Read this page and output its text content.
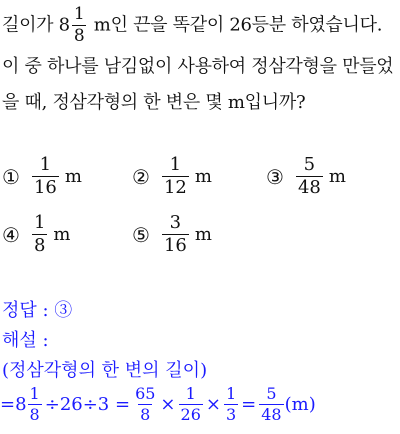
길이가 $8 \frac{1}{8}$ m인 끈을 똑같이 26등분 하였습니다.
이 중 하나를 남김없이 사용하여 정삼각형을 만들었
을 때, 정삼각형의 한 변은 몇 m입니까?
① $\frac{1}{16}$ m	② $\frac{1}{12}$ m	③ $\frac{5}{48}$ m
④ $\frac{1}{8}$ m	⑤ $\frac{3}{16}$ m
정답 : ③
해설 :
(정삼각형의 한 변의 길이)
$=8 \frac{1}{8} \div 26\div 3 = \frac{65}{8} \times \frac{1}{26} \times \frac{1}{3} = \frac{5}{48} (m)$
